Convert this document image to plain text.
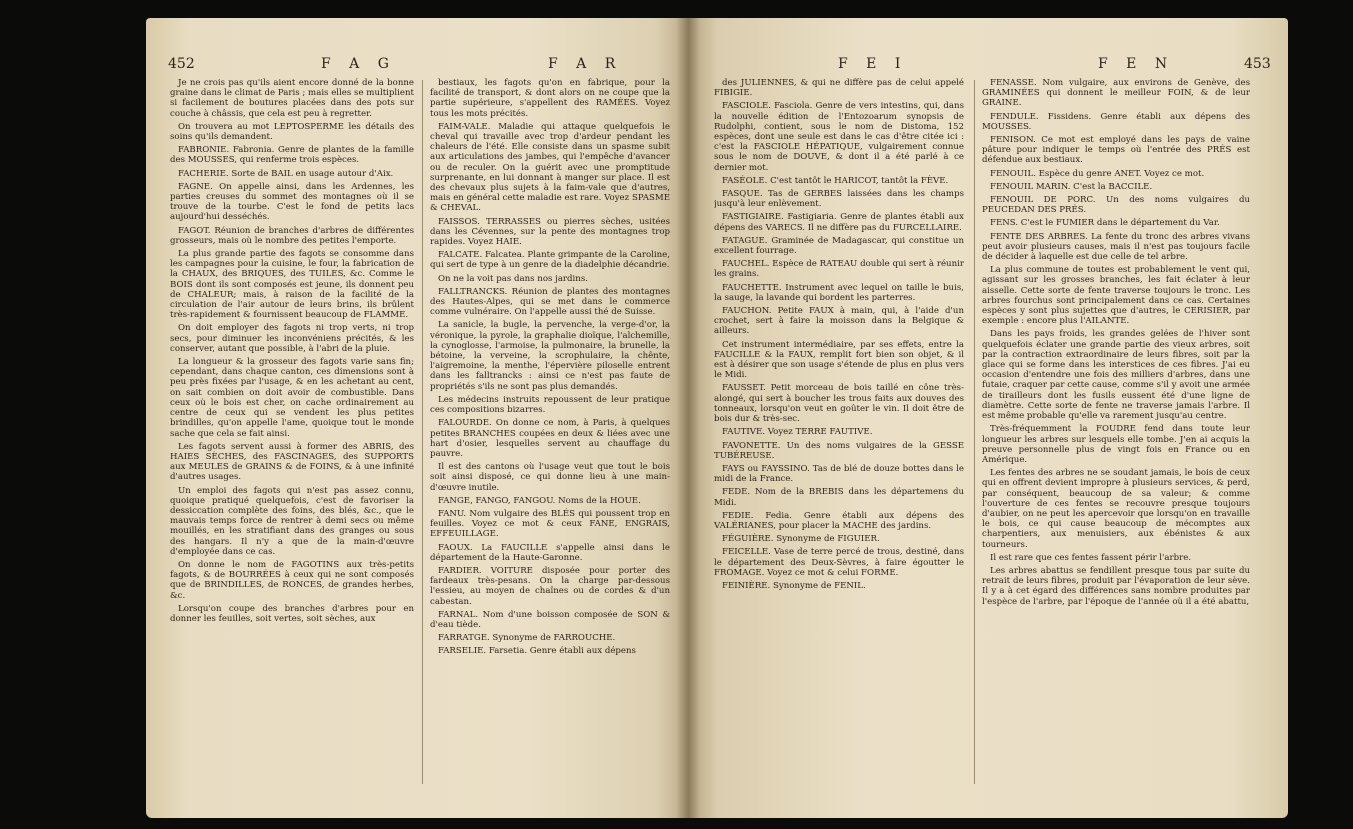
452	F A G	F A R

Je ne crois pas qu'ils aient encore donné de la bonne graine dans le climat de Paris ; mais elles se multiplient si facilement de boutures placées dans des pots sur couche à châssis, que cela est peu à regretter.

On trouvera au mot LEPTOSPERME les détails des soins qu'ils demandent.

FABRONIE. Fabronia. Genre de plantes de la famille des MOUSSES, qui renferme trois espèces.

FACHERIE. Sorte de BAIL en usage autour d'Aix.

FAGNE. On appelle ainsi, dans les Ardennes, les parties creuses du sommet des montagnes où il se trouve de la tourbe. C'est le fond de petits lacs aujourd'hui desséchés.

FAGOT. Réunion de branches d'arbres de différentes grosseurs, mais où le nombre des petites l'emporte.

La plus grande partie des fagots se consomme dans les campagnes pour la cuisine, le four, la fabrication de la CHAUX, des BRIQUES, des TUILES, &c. Comme le BOIS dont ils sont composés est jeune, ils donnent peu de CHALEUR; mais, à raison de la facilité de la circulation de l'air autour de leurs brins, ils brûlent très-rapidement & fournissent beaucoup de FLAMME.

On doit employer des fagots ni trop verts, ni trop secs, pour diminuer les inconvéniens précités, & les conserver, autant que possible, à l'abri de la pluie.

La longueur & la grosseur des fagots varie sans fin; cependant, dans chaque canton, ces dimensions sont à peu près fixées par l'usage, & en les achetant au cent, on sait combien on doit avoir de combustible. Dans ceux où le bois est cher, on cache ordinairement au centre de ceux qui se vendent les plus petites brindilles, qu'on appelle l'ame, quoique tout le monde sache que cela se fait ainsi.

Les fagots servent aussi à former des ABRIS, des HAIES SÈCHES, des FASCINAGES, des SUPPORTS aux MEULES de GRAINS & de FOINS, & à une infinité d'autres usages.

Un emploi des fagots qui n'est pas assez connu, quoique pratiqué quelquefois, c'est de favoriser la dessiccation complète des foins, des blés, &c., que le mauvais temps force de rentrer à demi secs ou même mouillés, en les stratifiant dans des granges ou sous des hangars. Il n'y a que de la main-d'œuvre d'employée dans ce cas.

On donne le nom de FAGOTINS aux très-petits fagots, & de BOURRÉES à ceux qui ne sont composés que de BRINDILLES, de RONCES, de grandes herbes, &c.

Lorsqu'on coupe des branches d'arbres pour en donner les feuilles, soit vertes, soit sèches, aux

bestiaux, les fagots qu'on en fabrique, pour la facilité de transport, & dont alors on ne coupe que la partie supérieure, s'appellent des RAMÉES. Voyez tous les mots précités.

FAIM-VALE. Maladie qui attaque quelquefois le cheval qui travaille avec trop d'ardeur pendant les chaleurs de l'été. Elle consiste dans un spasme subit aux articulations des jambes, qui l'empêche d'avancer ou de reculer. On la guérit avec une promptitude surprenante, en lui donnant à manger sur place. Il est des chevaux plus sujets à la faim-vale que d'autres, mais en général cette maladie est rare. Voyez SPASME & CHEVAL.

FAISSOS. TERRASSES ou pierres sèches, usitées dans les Cévennes, sur la pente des montagnes trop rapides. Voyez HAIE.

FALCATE. Falcatea. Plante grimpante de la Caroline, qui sert de type à un genre de la diadelphie décandrie.

On ne la voit pas dans nos jardins.

FALLTRANCKS. Réunion de plantes des montagnes des Hautes-Alpes, qui se met dans le commerce comme vulnéraire. On l'appelle aussi thé de Suisse.

La sanicle, la bugle, la pervenche, la verge-d'or, la véronique, la pyrole, la graphalie dioïque, l'alchemille, la cynoglosse, l'armoise, la pulmonaire, la brunelle, la bétoine, la verveine, la scrophulaire, la chênte, l'aigremoine, la menthe, l'épervière piloselle entrent dans les falltrancks : ainsi ce n'est pas faute de propriétés s'ils ne sont pas plus demandés.

Les médecins instruits repoussent de leur pratique ces compositions bizarres.

FALOURDE. On donne ce nom, à Paris, à quelques petites BRANCHES coupées en deux & liées avec une hart d'osier, lesquelles servent au chauffage du pauvre.

Il est des cantons où l'usage veut que tout le bois soit ainsi disposé, ce qui donne lieu à une main-d'œuvre inutile.

FANGE, FANGO, FANGOU. Noms de la HOUE.

FANU. Nom vulgaire des BLÉS qui poussent trop en feuilles. Voyez ce mot & ceux FANE, ENGRAIS, EFFEUILLAGE.

FAOUX. La FAUCILLE s'appelle ainsi dans le département de la Haute-Garonne.

FARDIER. VOITURE disposée pour porter des fardeaux très-pesans. On la charge par-dessous l'essieu, au moyen de chaînes ou de cordes & d'un cabestan.

FARNAL. Nom d'une boisson composée de SON & d'eau tiède.

FARRATGE. Synonyme de FARROUCHE.

FARSELIE. Farsetia. Genre établi aux dépens

F E I	F E N	453

des JULIENNES, & qui ne diffère pas de celui appelé FIBIGIE.

FASCIOLE. Fasciola. Genre de vers intestins, qui, dans la nouvelle édition de l'Entozoarum synopsis de Rudolphi, contient, sous le nom de Distoma, 152 espèces, dont une seule est dans le cas d'être citée ici : c'est la FASCIOLE HÉPATIQUE, vulgairement connue sous le nom de DOUVE, & dont il a été parlé à ce dernier mot.

FASÉOLE. C'est tantôt le HARICOT, tantôt la FÈVE.

FASQUE. Tas de GERBES laissées dans les champs jusqu'à leur enlèvement.

FASTIGIAIRE. Fastigiaria. Genre de plantes établi aux dépens des VARECS. Il ne diffère pas du FURCELLAIRE.

FATAGUE. Graminée de Madagascar, qui constitue un excellent fourrage.

FAUCHEL. Espèce de RATEAU double qui sert à réunir les grains.

FAUCHETTE. Instrument avec lequel on taille le buis, la sauge, la lavande qui bordent les parterres.

FAUCHON. Petite FAUX à main, qui, à l'aide d'un crochet, sert à faire la moisson dans la Belgique & ailleurs.

Cet instrument intermédiaire, par ses effets, entre la FAUCILLE & la FAUX, remplit fort bien son objet, & il est à désirer que son usage s'étende de plus en plus vers le Midi.

FAUSSET. Petit morceau de bois taillé en cône très-alongé, qui sert à boucher les trous faits aux douves des tonneaux, lorsqu'on veut en goûter le vin. Il doit être de bois dur & très-sec.

FAUTIVE. Voyez TERRE FAUTIVE.

FAVONETTE. Un des noms vulgaires de la GESSE TUBÉREUSE.

FAYS ou FAYSSINO. Tas de blé de douze bottes dans le midi de la France.

FEDE. Nom de la BREBIS dans les départemens du Midi.

FEDIE. Fedia. Genre établi aux dépens des VALÉRIANES, pour placer la MACHE des jardins.

FÉGUIÈRE. Synonyme de FIGUIER.

FEICELLE. Vase de terre percé de trous, destiné, dans le département des Deux-Sèvres, à faire égoutter le FROMAGE. Voyez ce mot & celui FORME.

FEINIÈRE. Synonyme de FENIL.

FENASSE. Nom vulgaire, aux environs de Genève, des GRAMINÉES qui donnent le meilleur FOIN, & de leur GRAINE.

FENDULE. Fissidens. Genre établi aux dépens des MOUSSES.

FENISON. Ce mot est employé dans les pays de vaine pâture pour indiquer le temps où l'entrée des PRÉS est défendue aux bestiaux.

FENOUIL. Espèce du genre ANET. Voyez ce mot.

FENOUIL MARIN. C'est la BACCILE.

FENOUIL DE PORC. Un des noms vulgaires du PEUCEDAN DES PRÉS.

FENS. C'est le FUMIER dans le département du Var.

FENTE DES ARBRES. La fente du tronc des arbres vivans peut avoir plusieurs causes, mais il n'est pas toujours facile de décider à laquelle est due celle de tel arbre.

La plus commune de toutes est probablement le vent qui, agissant sur les grosses branches, les fait éclater à leur aisselle. Cette sorte de fente traverse toujours le tronc. Les arbres fourchus sont principalement dans ce cas. Certaines espèces y sont plus sujettes que d'autres, le CERISIER, par exemple : encore plus l'AILANTE.

Dans les pays froids, les grandes gelées de l'hiver sont quelquefois éclater une grande partie des vieux arbres, soit par la contraction extraordinaire de leurs fibres, soit par la glace qui se forme dans les interstices de ces fibres. J'ai eu occasion d'entendre une fois des milliers d'arbres, dans une futaie, craquer par cette cause, comme s'il y avoit une armée de tirailleurs dont les fusils eussent été d'une ligne de diamètre. Cette sorte de fente ne traverse jamais l'arbre. Il est même probable qu'elle va rarement jusqu'au centre.

Très-fréquemment la FOUDRE fend dans toute leur longueur les arbres sur lesquels elle tombe. J'en ai acquis la preuve personnelle plus de vingt fois en France ou en Amérique.

Les fentes des arbres ne se soudant jamais, le bois de ceux qui en offrent devient impropre à plusieurs services, & perd, par conséquent, beaucoup de sa valeur; & comme l'ouverture de ces fentes se recouvre presque toujours d'aubier, on ne peut les apercevoir que lorsqu'on en travaille le bois, ce qui cause beaucoup de mécomptes aux charpentiers, aux menuisiers, aux ébénistes & aux tourneurs.

Il est rare que ces fentes fassent périr l'arbre.

Les arbres abattus se fendillent presque tous par suite du retrait de leurs fibres, produit par l'évaporation de leur sève. Il y a à cet égard des différences sans nombre produites par l'espèce de l'arbre, par l'époque de l'année où il a été abattu,
